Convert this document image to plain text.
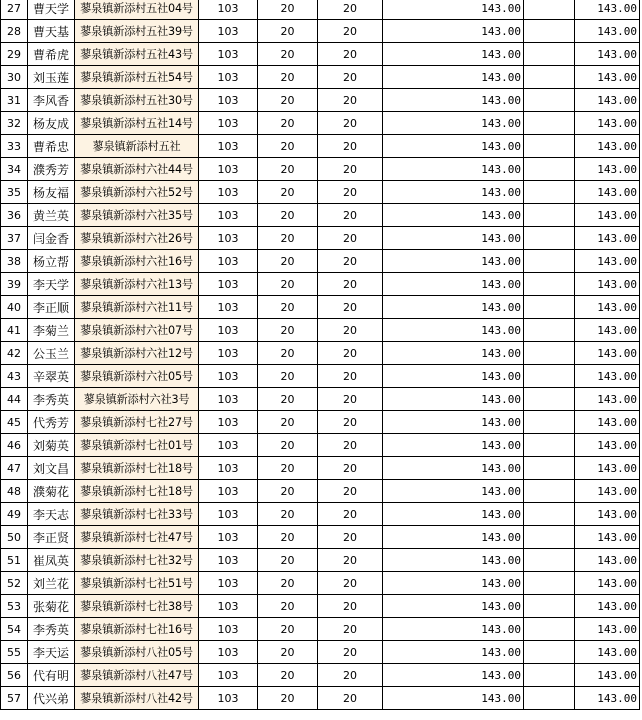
27	曹天学	蓼泉镇新添村五社04号	103	20	20	143.00		143.00
28	曹天基	蓼泉镇新添村五社39号	103	20	20	143.00		143.00
29	曹希虎	蓼泉镇新添村五社43号	103	20	20	143.00		143.00
30	刘玉莲	蓼泉镇新添村五社54号	103	20	20	143.00		143.00
31	李风香	蓼泉镇新添村五社30号	103	20	20	143.00		143.00
32	杨友成	蓼泉镇新添村五社14号	103	20	20	143.00		143.00
33	曹希忠	蓼泉镇新添村五社	103	20	20	143.00		143.00
34	濮秀芳	蓼泉镇新添村六社44号	103	20	20	143.00		143.00
35	杨友福	蓼泉镇新添村六社52号	103	20	20	143.00		143.00
36	黄兰英	蓼泉镇新添村六社35号	103	20	20	143.00		143.00
37	闫金香	蓼泉镇新添村六社26号	103	20	20	143.00		143.00
38	杨立帮	蓼泉镇新添村六社16号	103	20	20	143.00		143.00
39	李天学	蓼泉镇新添村六社13号	103	20	20	143.00		143.00
40	李正顺	蓼泉镇新添村六社11号	103	20	20	143.00		143.00
41	李菊兰	蓼泉镇新添村六社07号	103	20	20	143.00		143.00
42	公玉兰	蓼泉镇新添村六社12号	103	20	20	143.00		143.00
43	辛翠英	蓼泉镇新添村六社05号	103	20	20	143.00		143.00
44	李秀英	蓼泉镇新添村六社3号	103	20	20	143.00		143.00
45	代秀芳	蓼泉镇新添村七社27号	103	20	20	143.00		143.00
46	刘菊英	蓼泉镇新添村七社01号	103	20	20	143.00		143.00
47	刘文昌	蓼泉镇新添村七社18号	103	20	20	143.00		143.00
48	濮菊花	蓼泉镇新添村七社18号	103	20	20	143.00		143.00
49	李天志	蓼泉镇新添村七社33号	103	20	20	143.00		143.00
50	李正贤	蓼泉镇新添村七社47号	103	20	20	143.00		143.00
51	崔凤英	蓼泉镇新添村七社32号	103	20	20	143.00		143.00
52	刘兰花	蓼泉镇新添村七社51号	103	20	20	143.00		143.00
53	张菊花	蓼泉镇新添村七社38号	103	20	20	143.00		143.00
54	李秀英	蓼泉镇新添村七社16号	103	20	20	143.00		143.00
55	李天运	蓼泉镇新添村八社05号	103	20	20	143.00		143.00
56	代有明	蓼泉镇新添村八社47号	103	20	20	143.00		143.00
57	代兴弟	蓼泉镇新添村八社42号	103	20	20	143.00		143.00
